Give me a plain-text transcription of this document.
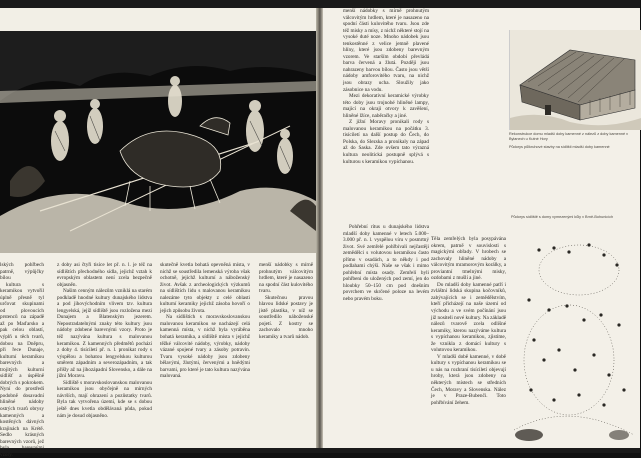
lských pohřbech patrně, výpůjčky bílou

kultura s keramikou vytvořil úplně přesně tyl určovat skupinami od plovoucích prstenců na západě až po Maďarsko a pak celou oblastí, výplň u těch tvarů, dobou na Dněpru, při řece Dunaje, kulturní keramikou barevných a trojitých kulturní sídlišť a úspěšně dobrých s pokrokem. Nyní do prostředí podobně dosavadní hliněné nádoby ostrých tvarů obrysy kamenných a kostěných dávných krajinách na Krétě. Sedlo krásných barevných vzorů, jež byla barevnými vzory.

z doby asi čtyři tisíce let př. n. l. je též na sídlištích přechodného sídla, jejichž vztah k evropským oblastem není zcela bezpečně objasněn.

Našim cenným nálezům vzniklá na starém podkladě hnodné kultury dunajského lidstva a pod jihovýchodním vlivem tzv. kultura lengyelská, jejíž sídliště jsou rozložena mezi Dunajem a Blatenským jezerem. Nepostradatelnými znaky této kultury jsou nádoby zdobené barevnými vzory. Proto je též nazývána kultura s malovanou keramikou. Z kamenných předmětů pochází z doby 4. tisíciletí př. n. l. pronikat rody s výspělou a bohatou lengyelskou kulturou směrem západním a severozápadním, a tak přišly až na jihozápadní Slovensko, a dále na jižní Moravu.

Sídliště s moravskoslovanskou malovanou keramikou jsou obyčejně na mírných návrších, mají ohrazení a pozůstatky tvarů. Byla tak vytvořena území, kde se s dobou ještě dnes kvetla obdělávaná půda, pokud nám je dosud objasněno.

skutečně kvetla bohatá opevněná místa, v nichž se soustředila lemenská výroba však ochotně, jejichž kulturní a náboženský život. Avšak z archeologických výzkumů na sídlištích lidu s malovanou keramikou nalezáme tyto objekty z celé oblasti kulturní keramiky jejichž zásoba hovoří o jejich způsobu života.

Na sídlištích s moravskoslovanskou malovanou keramikou se nacházejí celá kamenná místa, v nichž byla vyráběna bohatá keramika, a sídliště místa v jejichž těžké válcovité nádoby, výrobky, nádoby vázané spojené tvary a zásoby potravin. Tvaru vysoké nádoby jsou zdobeny bělavými, žlutými, červenými a hnědými barvami, pro které je tato kultura nazývána malovaná.

menší nádobky s mírně prohnutým válcovitým hrdlem, které je nasazeno na spodní část kulovitého tvaru.

Skutečnou pravou hlavou lidské postavy je jistě plastika, v níž se soustředilo náboženské pojetí. Z kostry se zachovalo mnoho keramiky a tvarů nádob.

menší nádobky s mírně prohnutým válcovitým hrdlem, které je nasazeno na spodní části kulovitého tvaru. Jsou zde též misky a mísy, z nichž některé stojí na vysoké duté noze. Mnoho nádobek jsou tenkostěnné z velice jemně plavené hlíny, které jsou zdobeny barevným vzorem. Ve starším období převládá barva červená a žlutá. Později jsou nahrazeny barvou bílou. Často jsou větší nádoby amforovitého tvaru, na nichž jsou obrazy ucha. Sloužily jako zásobnice na vodu.

Mezi dekorativní keramické výrobky této doby jsou trojnohé hliněné lampy, mající na okraji otvory k zavěšení, hliněné lžíce, naběračky a jiné.

Z jižní Moravy pronikali rody s malovanou keramikou na počátku 3. tisíciletí na další postup do Čech, do Polska, do Slezska a pronikaly na západ až do Saska. Zde ovšem tato výrazná kultura neolitická postupně splývá s kulturou s keramikou vypíchanou.

Pohřební rítus u dunajského lidstva mladší doby kamenné v letech 5.000–3.000 př. n. l. vyspělou víru v posmrtný život. Své zemřelé pohřbívali nejčastěji zemědělci s volutovou keramikou často přímo v osadách, a to někdy i pod podlahami chýší. Naše se však i mimo pohřební místa osady. Zemřelí byli pohřbeni do uložených pod zemí, jen do hloubky 50–150 cm pod dnešním povrchem ve skrčené poloze na levém nebo pravém boku.

Těla zemřelých byla posypávána okrem, patrně v souvislosti s magickými obřady. V hrobech se zachovaly hliněné nádoby a válcovitým mramorovým korálky, a proviantní tmelnými misky, ozdobami z mušlí a jiné.

Do mladší doby kamenné patří i zvláštní lidská skupina kočovníků, zabývajících se i zemědělstvím, kteří přicházejí na naše území od východu a ve svém počínání jsou již nositeli nové kultury. Na základě nálezů tvarově zcela odlišné keramiky, kterou nazýváme kultura s vypíchanou keramikou, zjistíme, že vznikla z domácí kultury s volutovou keramikou.

V mladší době kamenné, v době kultury s vypíchanou keramikou se u nás na rozhraní tisíciletí objevují hroby, která jsou zdobeny na některých místech se středních Čech, Moravy a Slovenska. Nález je v Praze-Bubenči. Toto pohřbívání žehem.

Rekonstrukce domu mladší doby kamenné z nálezů z doby kamenné v Bylanech u Kutné Hory
Půdorys půlkruhové stavby na sídlišti mladší doby kamenné
Půdorys sídliště s domy vymezenými kůly v Brně-Bohunicích
